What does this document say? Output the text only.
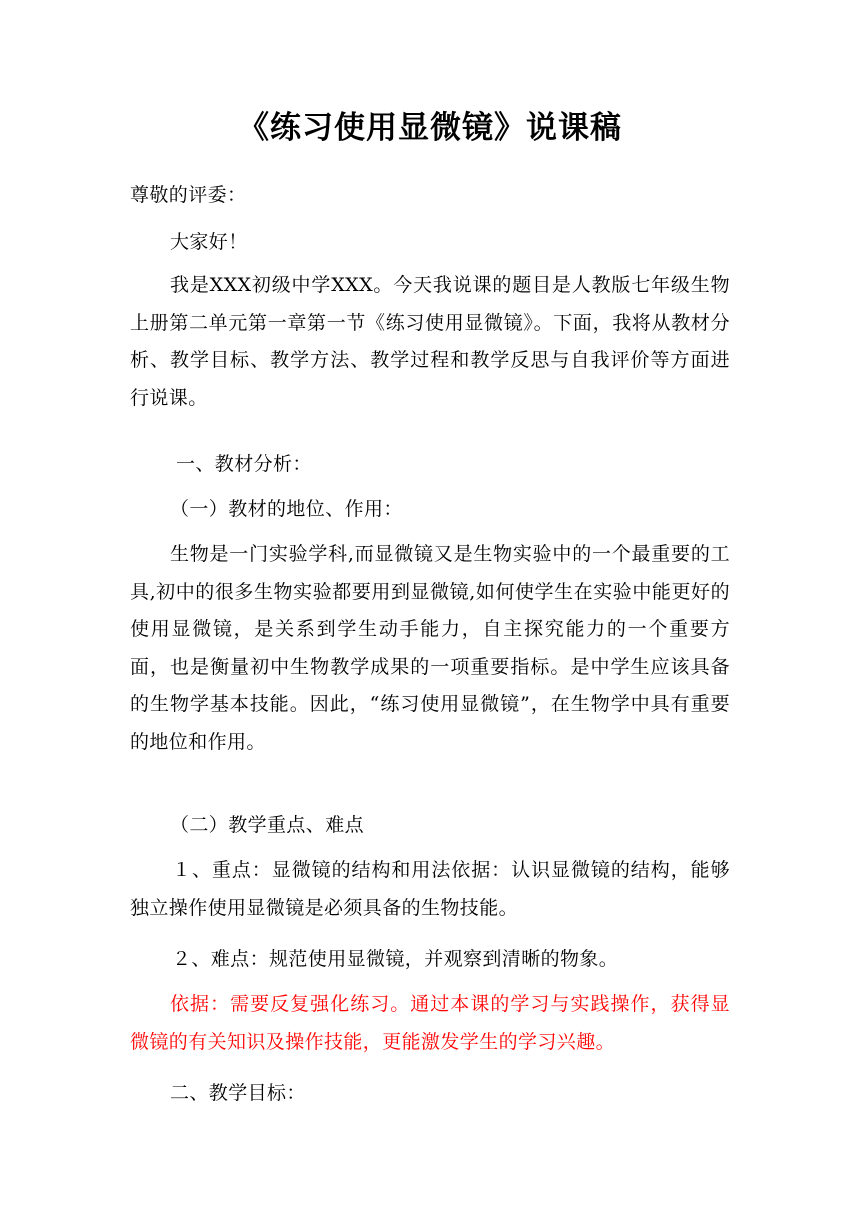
《练习使用显微镜》说课稿

尊敬的评委：

大家好！

我是XXX初级中学XXX。今天我说课的题目是人教版七年级生物上册第二单元第一章第一节《练习使用显微镜》。下面，我将从教材分析、教学目标、教学方法、教学过程和教学反思与自我评价等方面进行说课。

一、教材分析：

（一）教材的地位、作用：

生物是一门实验学科,而显微镜又是生物实验中的一个最重要的工具,初中的很多生物实验都要用到显微镜,如何使学生在实验中能更好的使用显微镜，是关系到学生动手能力，自主探究能力的一个重要方面，也是衡量初中生物教学成果的一项重要指标。是中学生应该具备的生物学基本技能。因此，“练习使用显微镜”，在生物学中具有重要的地位和作用。

（二）教学重点、难点

１、重点：显微镜的结构和用法依据：认识显微镜的结构，能够独立操作使用显微镜是必须具备的生物技能。

２、难点：规范使用显微镜，并观察到清晰的物象。

依据：需要反复强化练习。通过本课的学习与实践操作，获得显微镜的有关知识及操作技能，更能激发学生的学习兴趣。

二、教学目标：
